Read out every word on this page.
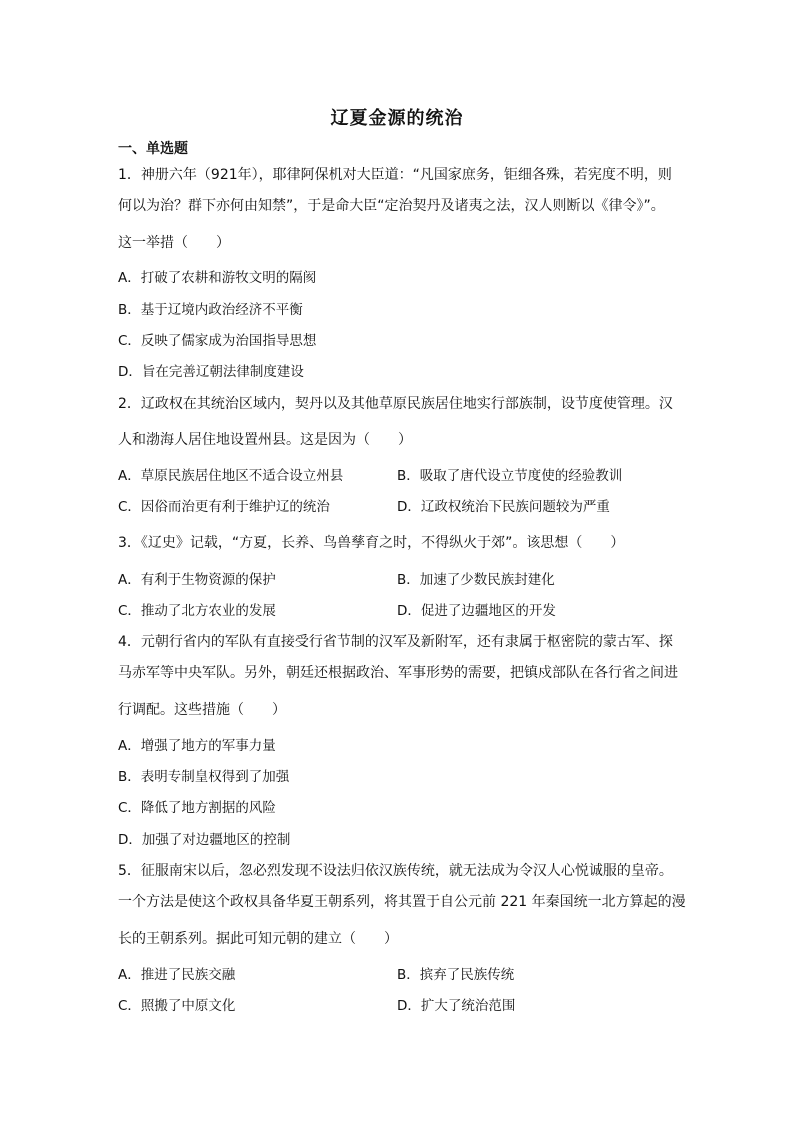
辽夏金源的统治
一、单选题
1．神册六年（921年），耶律阿保机对大臣道：“凡国家庶务，钜细各殊，若宪度不明，则
何以为治？群下亦何由知禁”，于是命大臣“定治契丹及诸夷之法，汉人则断以《律令》”。
这一举措（　　）
A．打破了农耕和游牧文明的隔阂
B．基于辽境内政治经济不平衡
C．反映了儒家成为治国指导思想
D．旨在完善辽朝法律制度建设
2．辽政权在其统治区域内，契丹以及其他草原民族居住地实行部族制，设节度使管理。汉
人和渤海人居住地设置州县。这是因为（　　）
A．草原民族居住地区不适合设立州县	B．吸取了唐代设立节度使的经验教训
C．因俗而治更有利于维护辽的统治	D．辽政权统治下民族问题较为严重
3．《辽史》记载，“方夏，长养、鸟兽孳育之时，不得纵火于郊”。该思想（　　）
A．有利于生物资源的保护	B．加速了少数民族封建化
C．推动了北方农业的发展	D．促进了边疆地区的开发
4．元朝行省内的军队有直接受行省节制的汉军及新附军，还有隶属于枢密院的蒙古军、探
马赤军等中央军队。另外，朝廷还根据政治、军事形势的需要，把镇戍部队在各行省之间进
行调配。这些措施（　　）
A．增强了地方的军事力量
B．表明专制皇权得到了加强
C．降低了地方割据的风险
D．加强了对边疆地区的控制
5．征服南宋以后，忽必烈发现不设法归依汉族传统，就无法成为令汉人心悦诚服的皇帝。
一个方法是使这个政权具备华夏王朝系列，将其置于自公元前 221 年秦国统一北方算起的漫
长的王朝系列。据此可知元朝的建立（　　）
A．推进了民族交融	B．摈弃了民族传统
C．照搬了中原文化	D．扩大了统治范围
